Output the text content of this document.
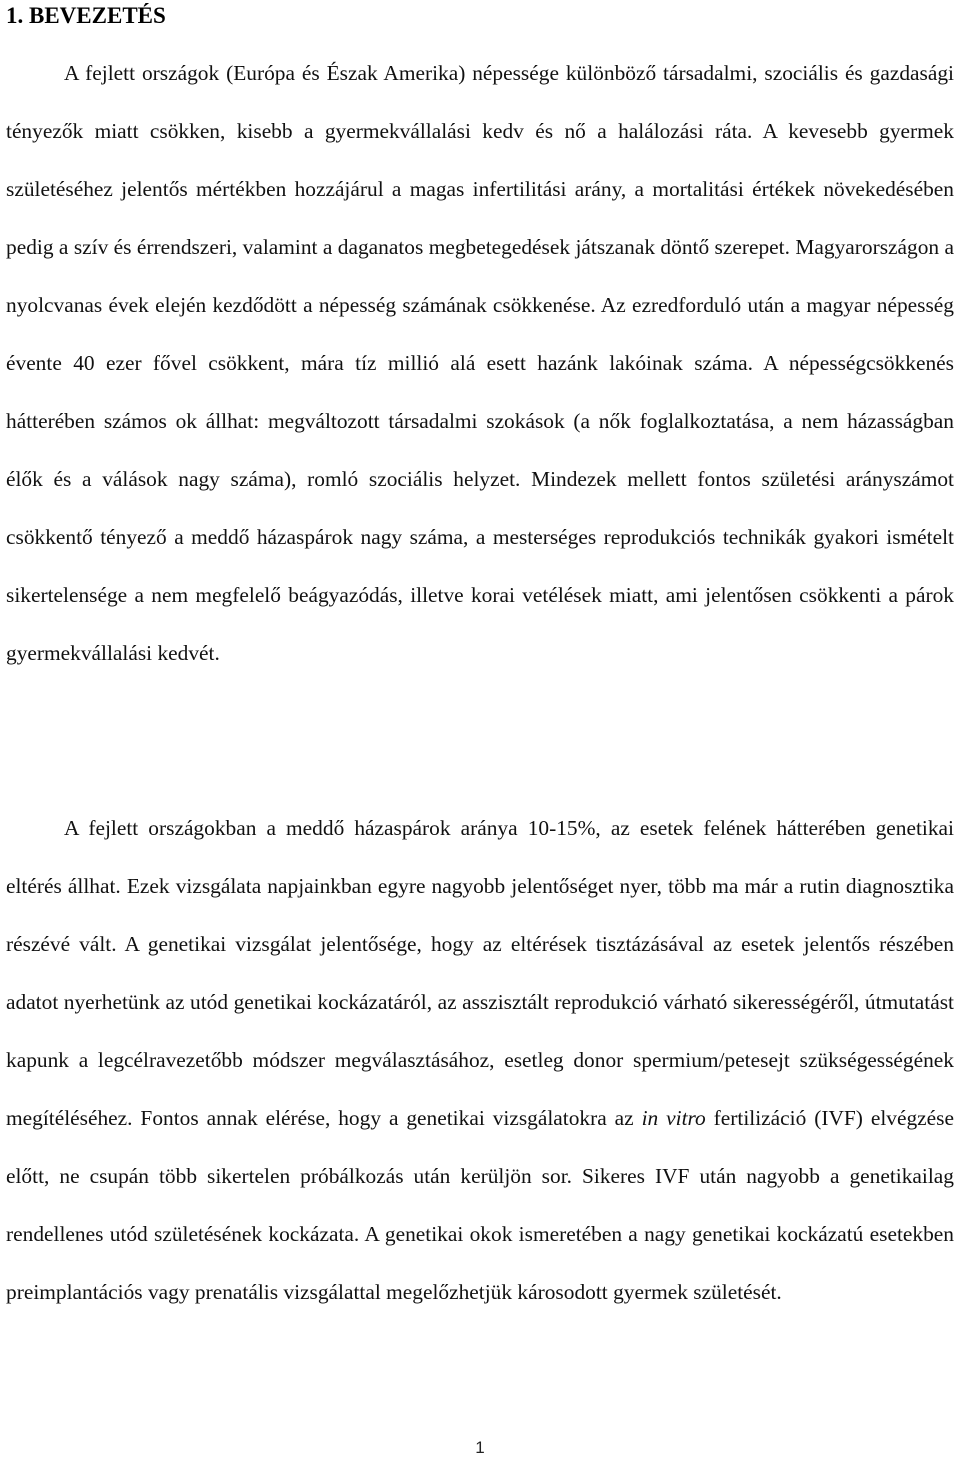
1. BEVEZETÉS

A fejlett országok (Európa és Észak Amerika) népessége különböző társadalmi, szociális és gazdasági tényezők miatt csökken, kisebb a gyermekvállalási kedv és nő a halálozási ráta. A kevesebb gyermek születéséhez jelentős mértékben hozzájárul a magas infertilitási arány, a mortalitási értékek növekedésében pedig a szív és érrendszeri, valamint a daganatos megbetegedések játszanak döntő szerepet. Magyarországon a nyolcvanas évek elején kezdődött a népesség számának csökkenése. Az ezredforduló után a magyar népesség évente 40 ezer fővel csökkent, mára tíz millió alá esett hazánk lakóinak száma. A népességcsökkenés hátterében számos ok állhat: megváltozott társadalmi szokások (a nők foglalkoztatása, a nem házasságban élők és a válások nagy száma), romló szociális helyzet. Mindezek mellett fontos születési arányszámot csökkentő tényező a meddő házaspárok nagy száma, a mesterséges reprodukciós technikák gyakori ismételt sikertelensége a nem megfelelő beágyazódás, illetve korai vetélések miatt, ami jelentősen csökkenti a párok gyermekvállalási kedvét.

A fejlett országokban a meddő házaspárok aránya 10-15%, az esetek felének hátterében genetikai eltérés állhat. Ezek vizsgálata napjainkban egyre nagyobb jelentőséget nyer, több ma már a rutin diagnosztika részévé vált. A genetikai vizsgálat jelentősége, hogy az eltérések tisztázásával az esetek jelentős részében adatot nyerhetünk az utód genetikai kockázatáról, az asszisztált reprodukció várható sikerességéről, útmutatást kapunk a legcélravezetőbb módszer megválasztásához, esetleg donor spermium/petesejt szükségességének megítéléséhez. Fontos annak elérése, hogy a genetikai vizsgálatokra az in vitro fertilizáció (IVF) elvégzése előtt, ne csupán több sikertelen próbálkozás után kerüljön sor. Sikeres IVF után nagyobb a genetikailag rendellenes utód születésének kockázata. A genetikai okok ismeretében a nagy genetikai kockázatú esetekben preimplantációs vagy prenatális vizsgálattal megelőzhetjük károsodott gyermek születését.

1
